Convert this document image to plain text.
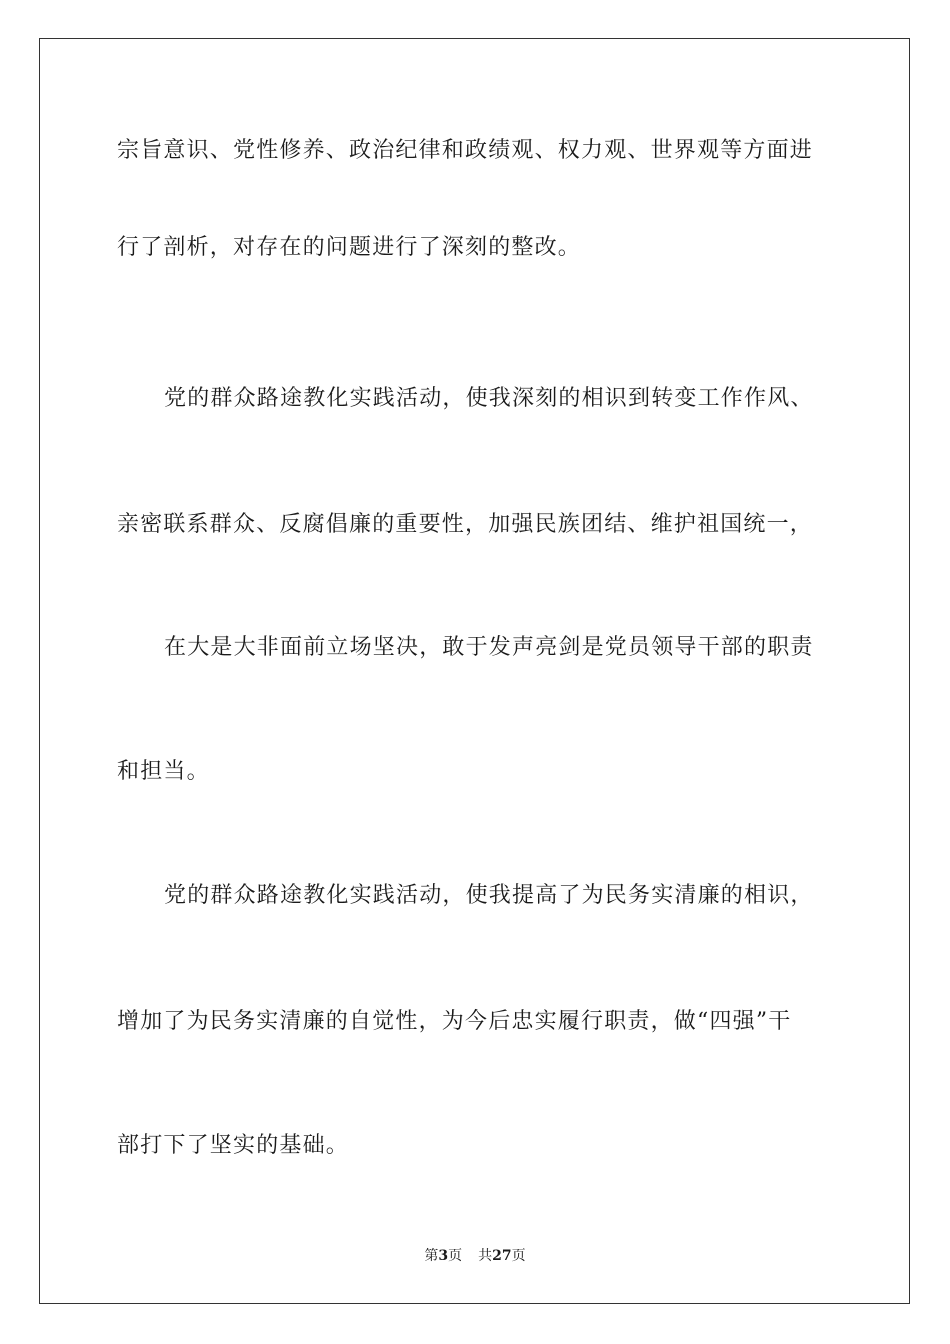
宗旨意识、党性修养、政治纪律和政绩观、权力观、世界观等方面进
行了剖析，对存在的问题进行了深刻的整改。
党的群众路途教化实践活动，使我深刻的相识到转变工作作风、
亲密联系群众、反腐倡廉的重要性，加强民族团结、维护祖国统一，
在大是大非面前立场坚决，敢于发声亮剑是党员领导干部的职责
和担当。
党的群众路途教化实践活动，使我提高了为民务实清廉的相识，
增加了为民务实清廉的自觉性，为今后忠实履行职责，做“四强”干
部打下了坚实的基础。
第3页 共27页
